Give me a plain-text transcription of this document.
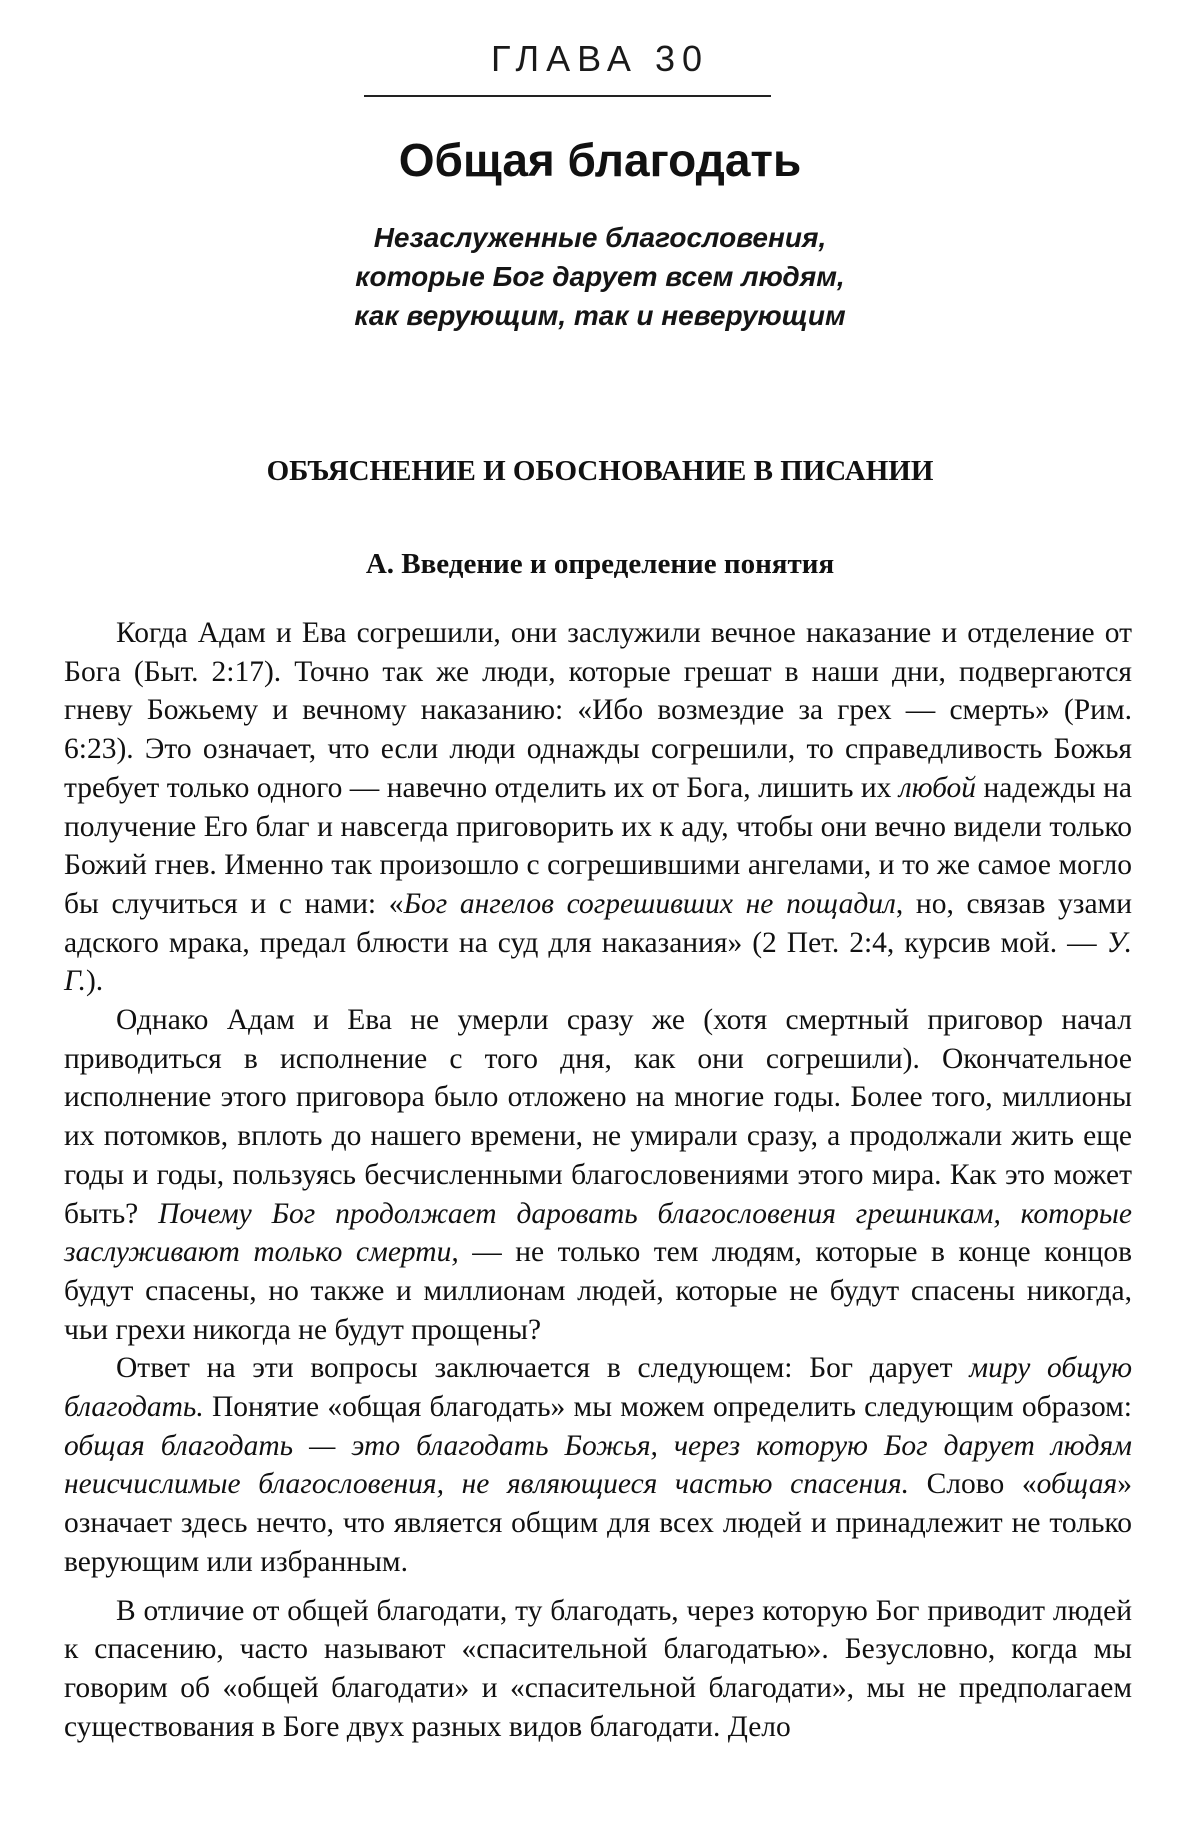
ГЛАВА 30
Общая благодать
Незаслуженные благословения,
которые Бог дарует всем людям,
как верующим, так и неверующим
ОБЪЯСНЕНИЕ И ОБОСНОВАНИЕ В ПИСАНИИ
А. Введение и определение понятия

Когда Адам и Ева согрешили, они заслужили вечное наказание и отделение от Бога (Быт. 2:17). Точно так же люди, которые грешат в наши дни, подвергаются гневу Божьему и вечному наказанию: «Ибо возмездие за грех — смерть» (Рим. 6:23). Это означает, что если люди однажды согрешили, то справедливость Божья требует только одного — навечно отделить их от Бога, лишить их любой надежды на получение Его благ и навсегда приговорить их к аду, чтобы они вечно видели только Божий гнев. Именно так произошло с согрешившими ангелами, и то же самое могло бы случиться и с нами: «Бог ангелов согрешивших не пощадил, но, связав узами адского мрака, предал блюсти на суд для наказания» (2 Пет. 2:4, курсив мой. — У. Г.).

Однако Адам и Ева не умерли сразу же (хотя смертный приговор начал приводиться в исполнение с того дня, как они согрешили). Окончательное исполнение этого приговора было отложено на многие годы. Более того, миллионы их потомков, вплоть до нашего времени, не умирали сразу, а продолжали жить еще годы и годы, пользуясь бесчисленными благословениями этого мира. Как это может быть? Почему Бог продолжает даровать благословения грешникам, которые заслуживают только смерти, — не только тем людям, которые в конце концов будут спасены, но также и миллионам людей, которые не будут спасены никогда, чьи грехи никогда не будут прощены?

Ответ на эти вопросы заключается в следующем: Бог дарует миру общую благодать. Понятие «общая благодать» мы можем определить следующим образом: общая благодать — это благодать Божья, через которую Бог дарует людям неисчислимые благословения, не являющиеся частью спасения. Слово «общая» означает здесь нечто, что является общим для всех людей и принадлежит не только верующим или избранным.

В отличие от общей благодати, ту благодать, через которую Бог приводит людей к спасению, часто называют «спасительной благодатью». Безусловно, когда мы говорим об «общей благодати» и «спасительной благодати», мы не предполагаем существования в Боге двух разных видов благодати. Дело
